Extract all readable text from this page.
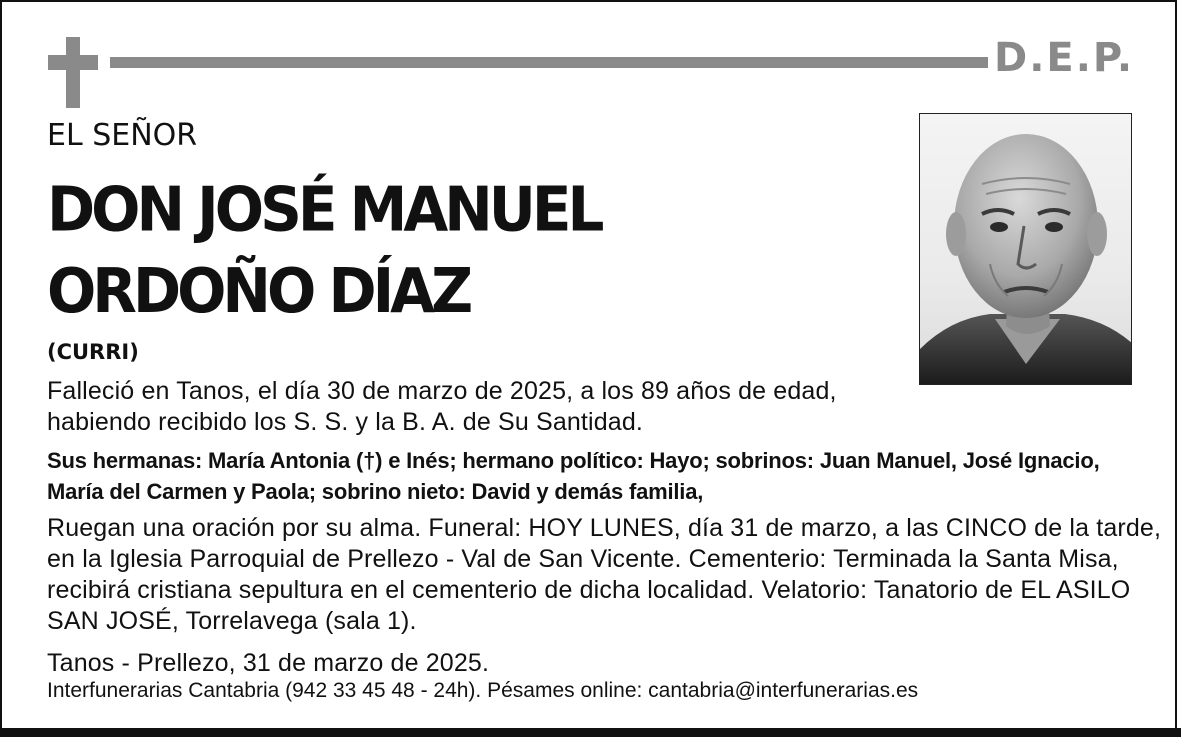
D.E.P.
EL SEÑOR
DON JOSÉ MANUEL
ORDOÑO DÍAZ
(CURRI)
Falleció en Tanos, el día 30 de marzo de 2025, a los 89 años de edad,
habiendo recibido los S. S. y la B. A. de Su Santidad.
Sus hermanas: María Antonia (†) e Inés; hermano político: Hayo; sobrinos: Juan Manuel, José Ignacio,
María del Carmen y Paola; sobrino nieto: David y demás familia,
Ruegan una oración por su alma. Funeral: HOY LUNES, día 31 de marzo, a las CINCO de la tarde,
en la Iglesia Parroquial de Prellezo - Val de San Vicente. Cementerio: Terminada la Santa Misa,
recibirá cristiana sepultura en el cementerio de dicha localidad. Velatorio: Tanatorio de EL ASILO
SAN JOSÉ, Torrelavega (sala 1).
Tanos - Prellezo, 31 de marzo de 2025.
Interfunerarias Cantabria (942 33 45 48 - 24h). Pésames online: cantabria@interfunerarias.es
